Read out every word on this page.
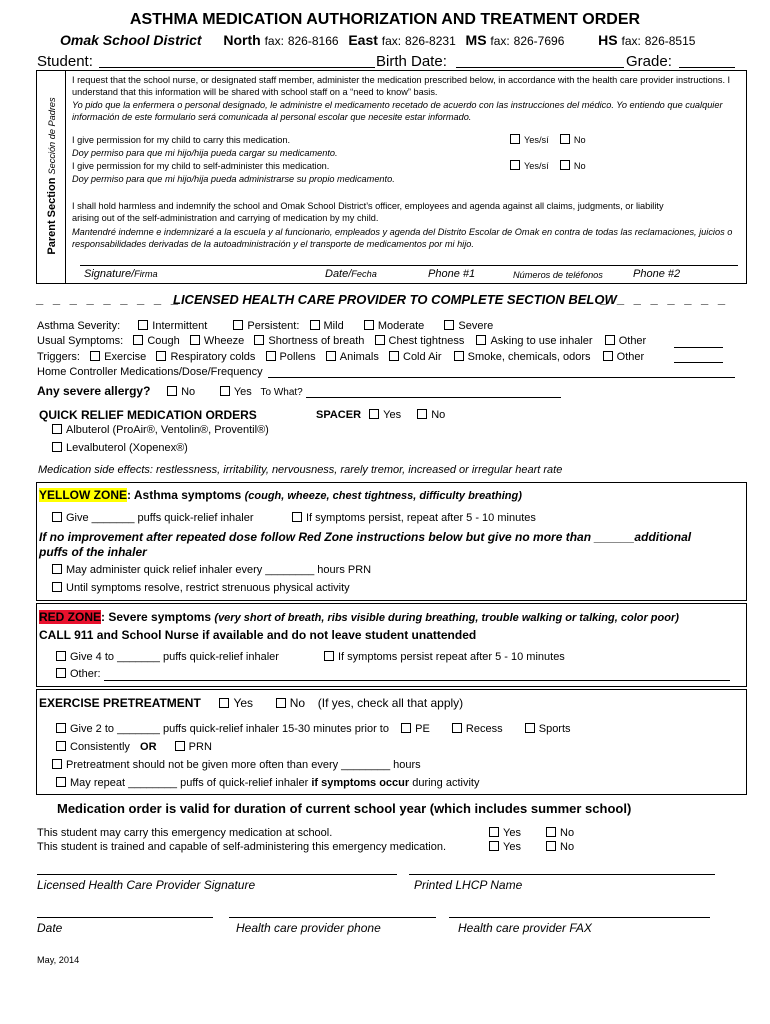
ASTHMA MEDICATION AUTHORIZATION AND TREATMENT ORDER
Omak School District North fax: 826-8166 East fax: 826-8231 MS fax: 826-7696 HS fax: 826-8515
Student:	Birth Date:	Grade:
Parent Section Sección de Padres
I request that the school nurse, or designated staff member, administer the medication prescribed below, in accordance with the health care provider instructions. I understand that this information will be shared with school staff on a “need to know” basis.
Yo pido que la enfermera o personal designado, le administre el medicamento recetado de acuerdo con las instrucciones del médico. Yo entiendo que cualquier información de este formulario será comunicada al personal escolar que necesite estar informado.
I give permission for my child to carry this medication.
Doy permiso para que mi hijo/hija pueda cargar su medicamento.
I give permission for my child to self-administer this medication.
Doy permiso para que mi hijo/hija pueda administrarse su propio medicamento.
Yes/sí	No
Yes/sí	No
I shall hold harmless and indemnify the school and Omak School District’s officer, employees and agenda against all claims, judgments, or liability arising out of the self-administration and carrying of medication by my child.
Mantendré indemne e indemnizaré a la escuela y al funcionario, empleados y agenda del Distrito Escolar de Omak en contra de todas las reclamaciones, juicios o responsabilidades derivadas de la autoadministración y el transporte de medicamentos por mi hijo.
Signature/Firma	Date/Fecha	Phone #1	Números de teléfonos	Phone #2
_ _ _ _ _ _ _ _ _
LICENSED HEALTH CARE PROVIDER TO COMPLETE SECTION BELOW
_ _ _ _ _ _ _ _
Asthma Severity:	Intermittent	Persistent: Mild	Moderate	Severe
Usual Symptoms: Cough Wheeze Shortness of breath Chest tightness Asking to use inhaler Other
Triggers: Exercise Respiratory colds Pollens Animals Cold Air Smoke, chemicals, odors Other
Home Controller Medications/Dose/Frequency
Any severe allergy?	No	Yes To What?
QUICK RELIEF MEDICATION ORDERS	SPACER Yes	No
Albuterol (ProAir®, Ventolin®, Proventil®)
Levalbuterol (Xopenex®)
Medication side effects: restlessness, irritability, nervousness, rarely tremor, increased or irregular heart rate
YELLOW ZONE: Asthma symptoms (cough, wheeze, chest tightness, difficulty breathing)
Give _______ puffs quick-relief inhaler	If symptoms persist, repeat after 5 - 10 minutes
If no improvement after repeated dose follow Red Zone instructions below but give no more than ______additional
puffs of the inhaler
May administer quick relief inhaler every ________ hours PRN
Until symptoms resolve, restrict strenuous physical activity
RED ZONE: Severe symptoms (very short of breath, ribs visible during breathing, trouble walking or talking, color poor)
CALL 911 and School Nurse if available and do not leave student unattended
Give 4 to _______ puffs quick-relief inhaler	If symptoms persist repeat after 5 - 10 minutes
Other:
EXERCISE PRETREATMENT	Yes	No (If yes, check all that apply)
Give 2 to _______ puffs quick-relief inhaler 15-30 minutes prior to PE	Recess	Sports
Consistently OR	PRN
Pretreatment should not be given more often than every ________ hours
May repeat ________ puffs of quick-relief inhaler if symptoms occur during activity
Medication order is valid for duration of current school year (which includes summer school)
This student may carry this emergency medication at school.
This student is trained and capable of self-administering this emergency medication.
Yes	No
Yes	No
Licensed Health Care Provider Signature	Printed LHCP Name
Date	Health care provider phone	Health care provider FAX
May, 2014
